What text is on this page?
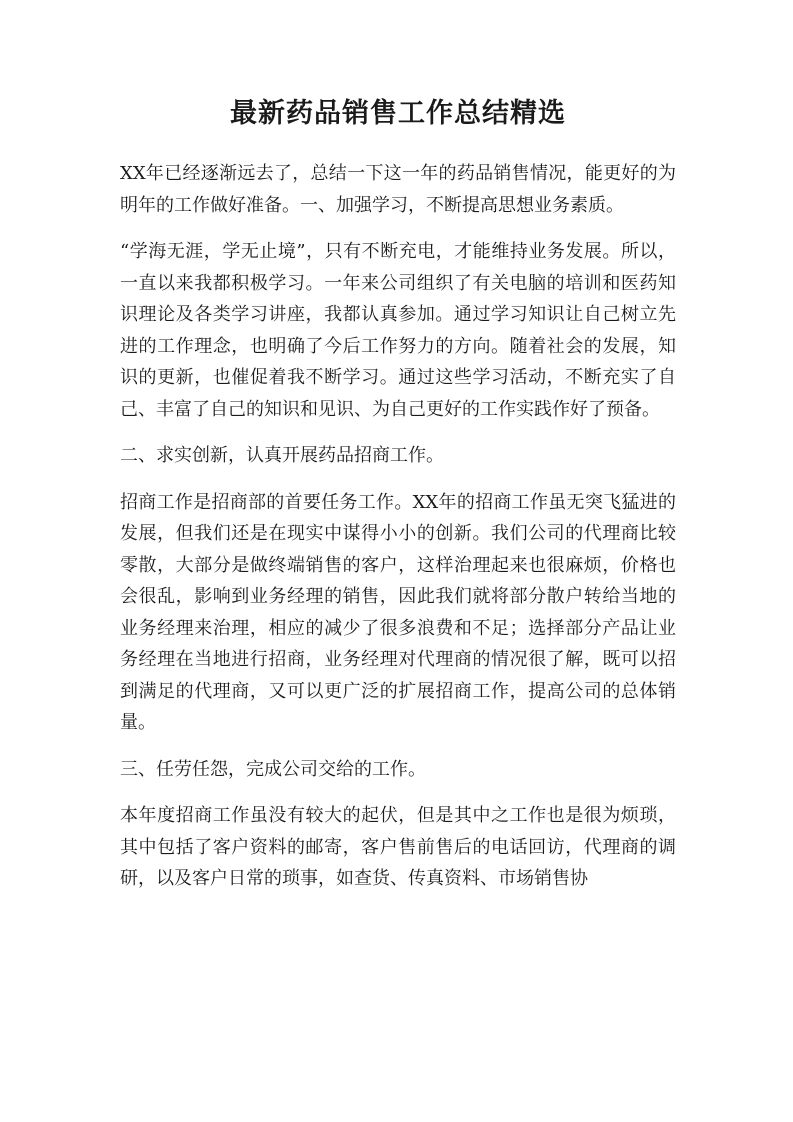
最新药品销售工作总结精选

XX年已经逐渐远去了，总结一下这一年的药品销售情况，能更好的为明年的工作做好准备。一、加强学习，不断提高思想业务素质。

“学海无涯，学无止境”，只有不断充电，才能维持业务发展。所以，一直以来我都积极学习。一年来公司组织了有关电脑的培训和医药知识理论及各类学习讲座，我都认真参加。通过学习知识让自己树立先进的工作理念，也明确了今后工作努力的方向。随着社会的发展，知识的更新，也催促着我不断学习。通过这些学习活动，不断充实了自己、丰富了自己的知识和见识、为自己更好的工作实践作好了预备。

二、求实创新，认真开展药品招商工作。

招商工作是招商部的首要任务工作。XX年的招商工作虽无突飞猛进的发展，但我们还是在现实中谋得小小的创新。我们公司的代理商比较零散，大部分是做终端销售的客户，这样治理起来也很麻烦，价格也会很乱，影响到业务经理的销售，因此我们就将部分散户转给当地的业务经理来治理，相应的减少了很多浪费和不足；选择部分产品让业务经理在当地进行招商，业务经理对代理商的情况很了解，既可以招到满足的代理商，又可以更广泛的扩展招商工作，提高公司的总体销量。

三、任劳任怨，完成公司交给的工作。

本年度招商工作虽没有较大的起伏，但是其中之工作也是很为烦琐，其中包括了客户资料的邮寄，客户售前售后的电话回访，代理商的调研，以及客户日常的琐事，如查货、传真资料、市场销售协
